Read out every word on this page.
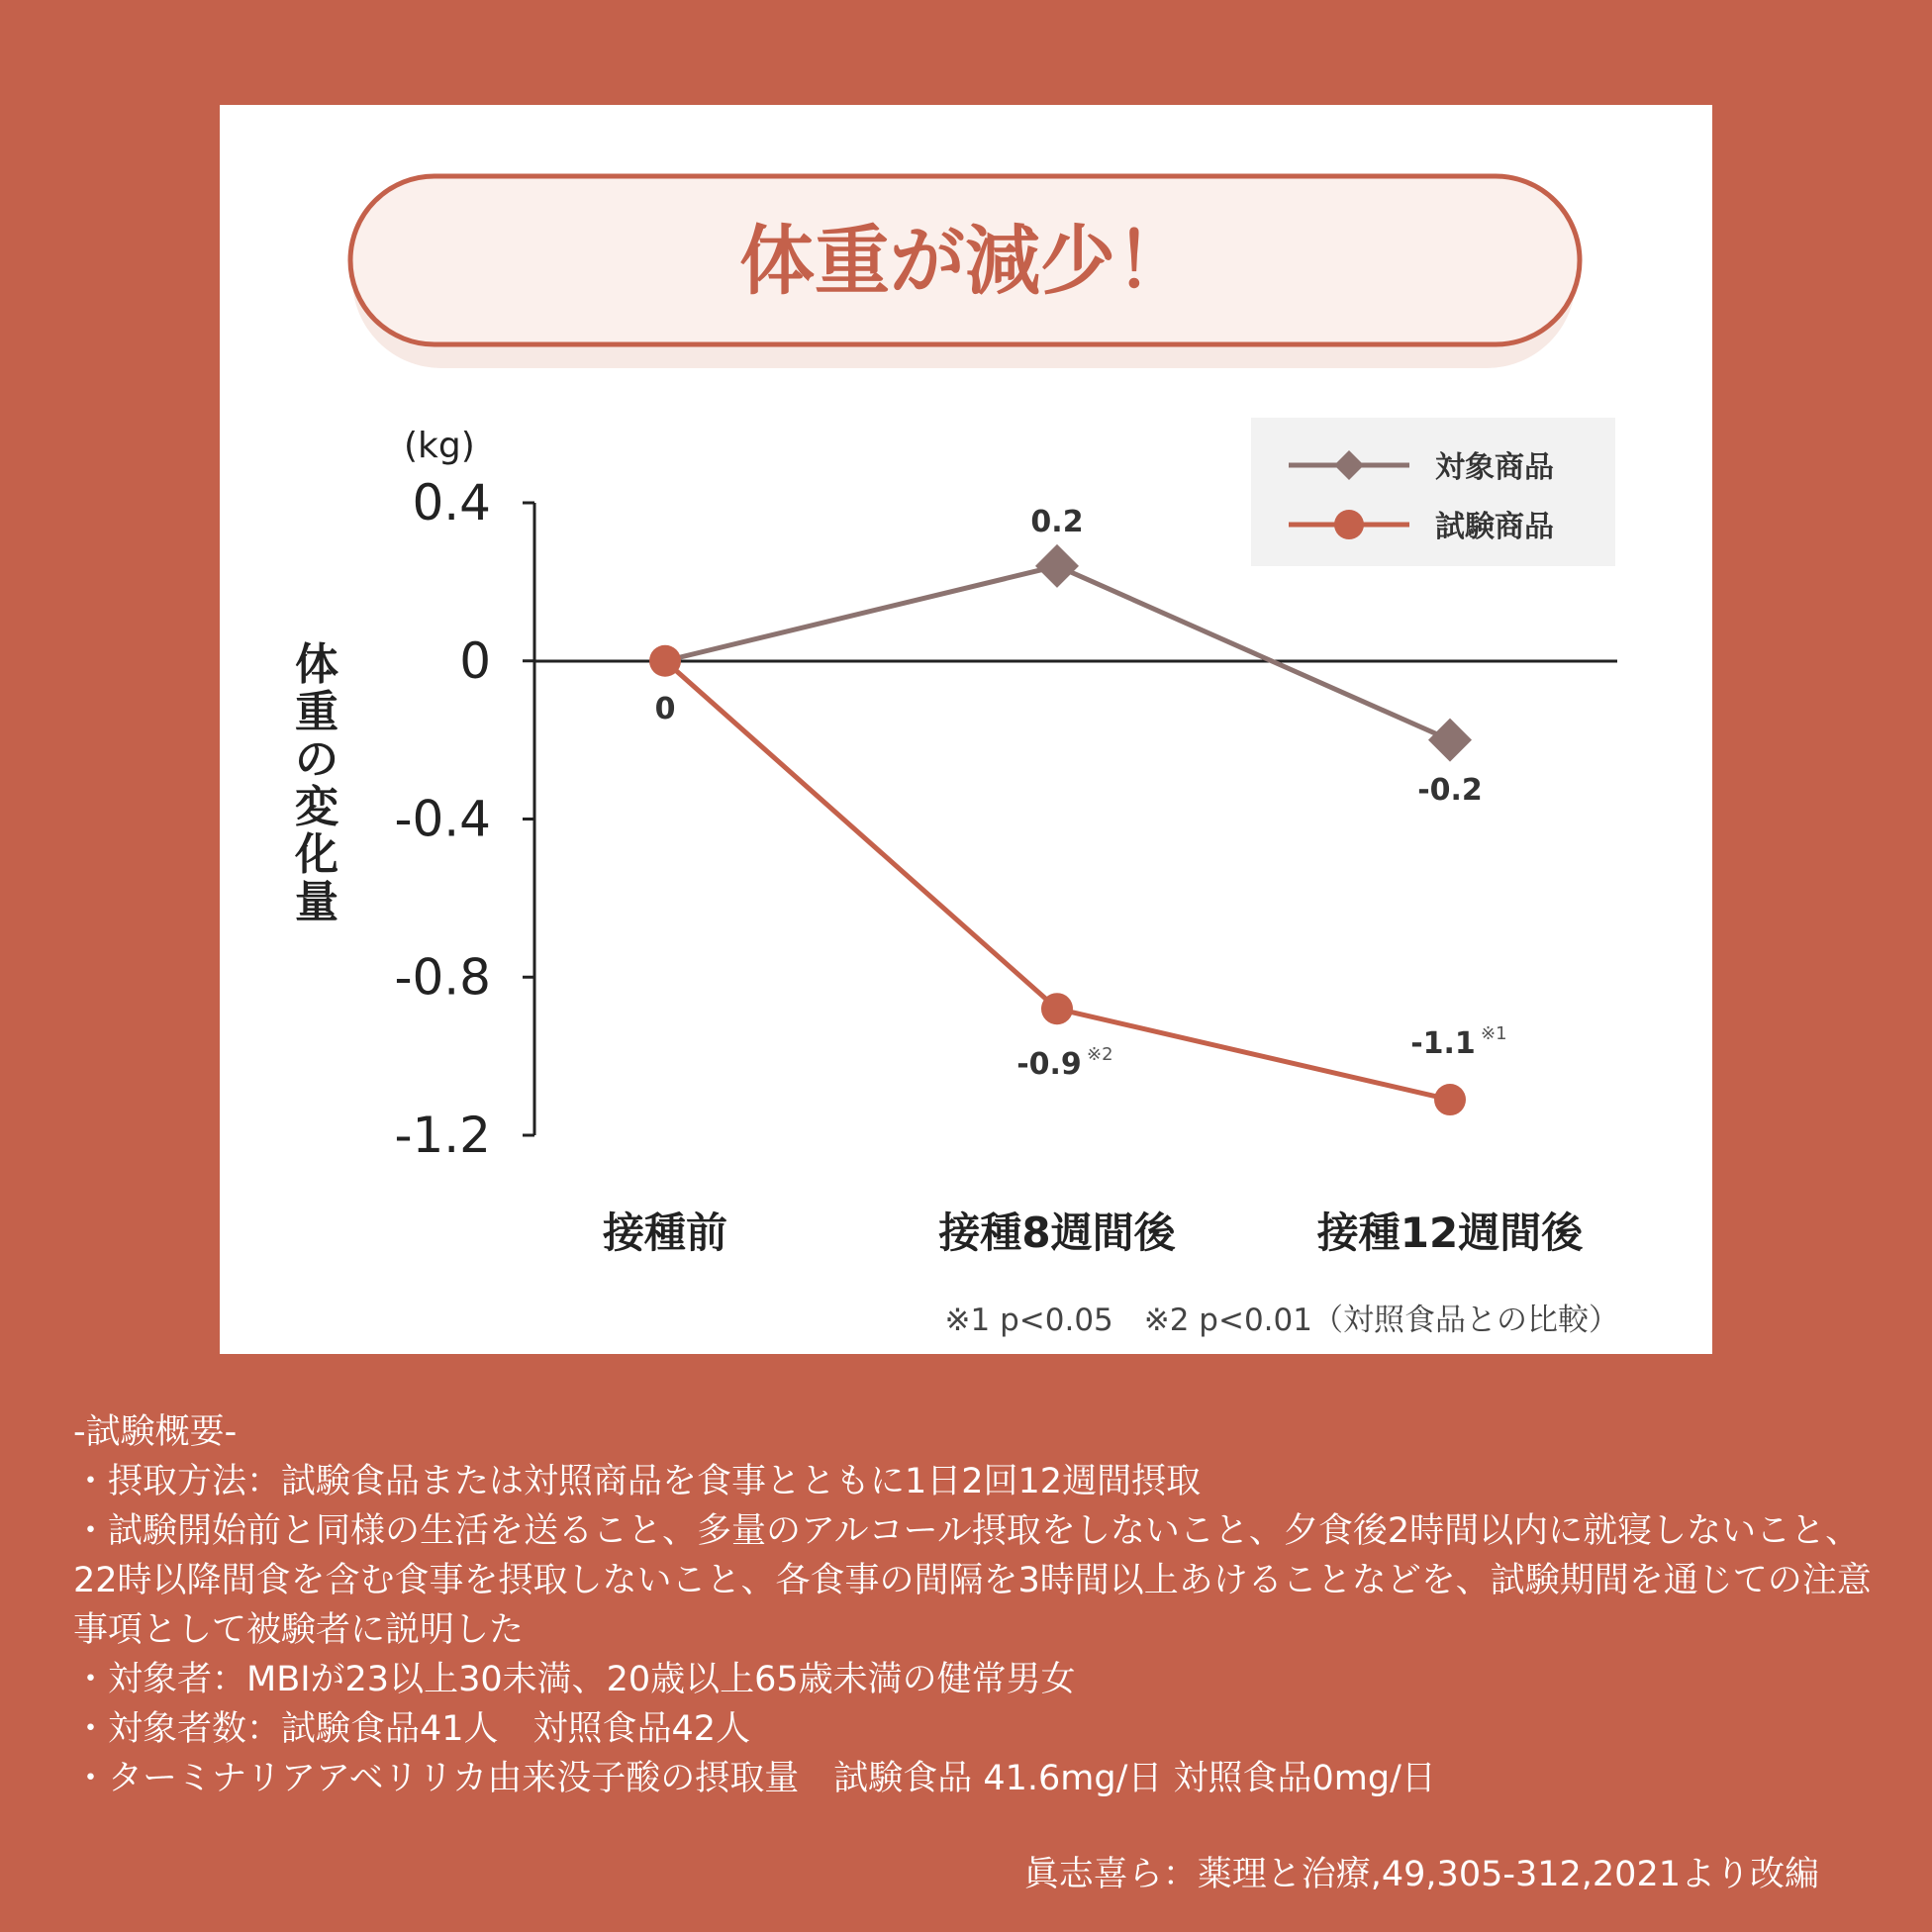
体重が減少！
対象商品
試験商品
(kg)
0.4
0
-0.4
-0.8
-1.2
体
重
の
変
化
量
接種前	接種8週間後	接種12週間後
0.2
-0.2
0
-0.9 ※2	-1.1 ※1
※1 p<0.05　※2 p<0.01（対照食品との比較）
-試験概要-
・摂取方法：試験食品または対照商品を食事とともに1日2回12週間摂取
・試験開始前と同様の生活を送ること、多量のアルコール摂取をしないこと、夕食後2時間以内に就寝しないこと、22時以降間食を含む食事を摂取しないこと、各食事の間隔を3時間以上あけることなどを、試験期間を通じての注意事項として被験者に説明した
・対象者：MBIが23以上30未満、20歳以上65歳未満の健常男女
・対象者数：試験食品41人　対照食品42人
・ターミナリアアベリリカ由来没子酸の摂取量　試験食品 41.6mg/日 対照食品0mg/日
眞志喜ら：薬理と治療,49,305-312,2021より改編
